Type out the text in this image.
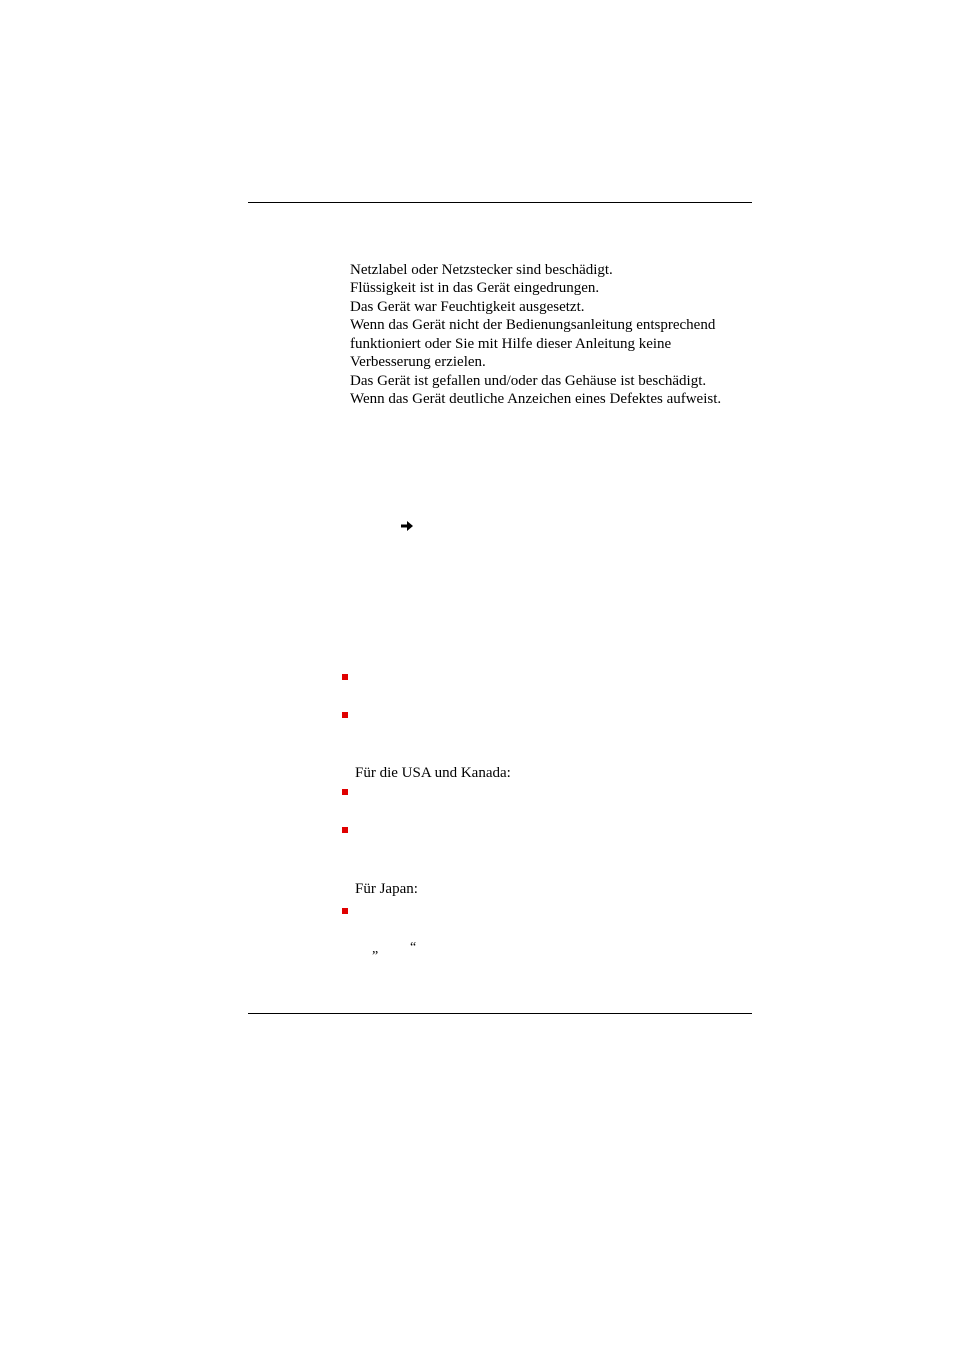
Netzlabel oder Netzstecker sind beschädigt.
Flüssigkeit ist in das Gerät eingedrungen.
Das Gerät war Feuchtigkeit ausgesetzt.
Wenn das Gerät nicht der Bedienungsanleitung entsprechend
funktioniert oder Sie mit Hilfe dieser Anleitung keine
Verbesserung erzielen.
Das Gerät ist gefallen und/oder das Gehäuse ist beschädigt.
Wenn das Gerät deutliche Anzeichen eines Defektes aufweist.
Für die USA und Kanada:
Für Japan:
“
”
